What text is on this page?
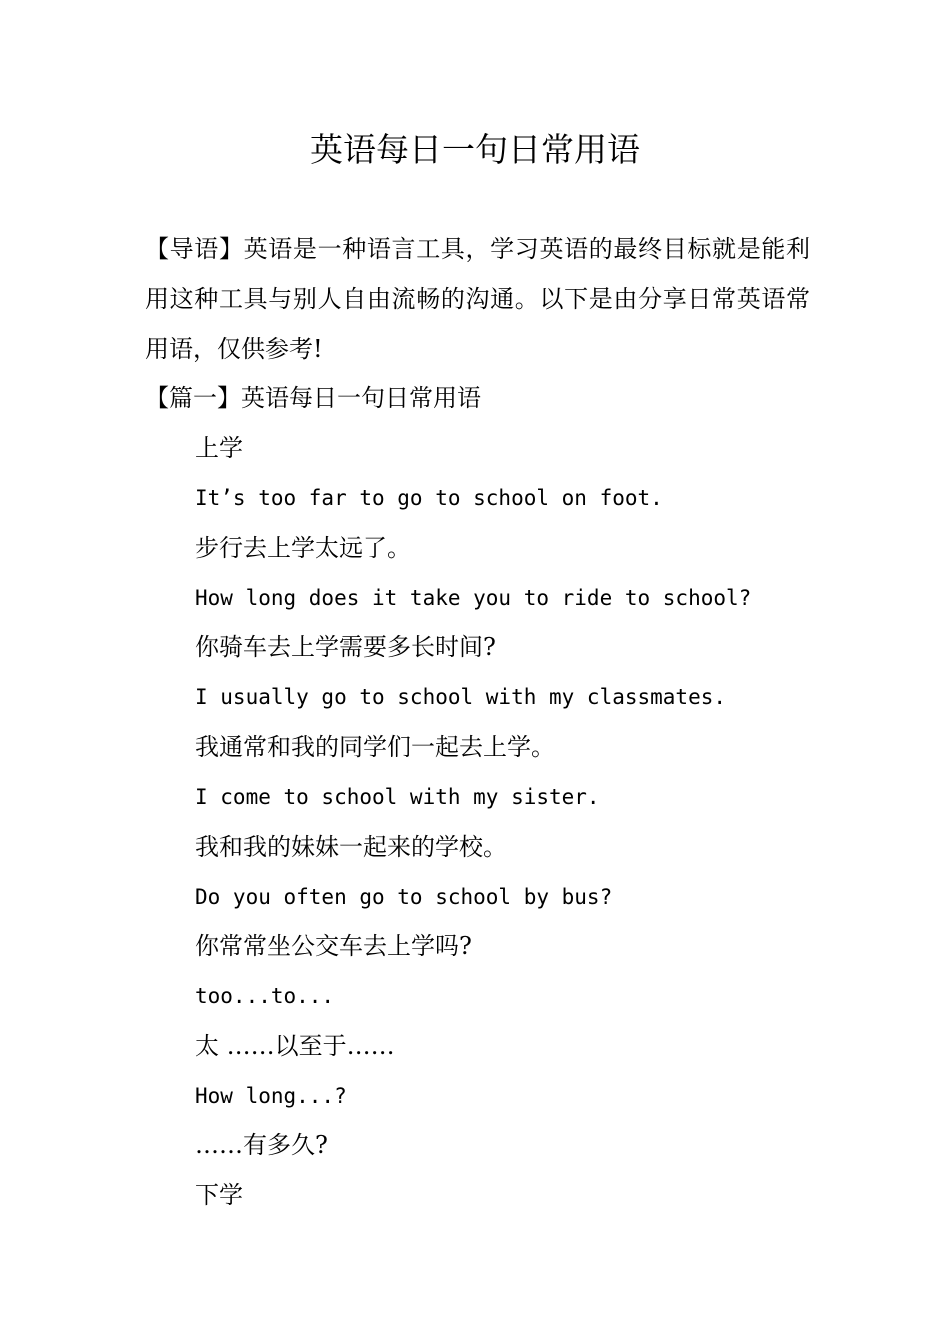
英语每日一句日常用语

【导语】英语是一种语言工具，学习英语的最终目标就是能利用这种工具与别人自由流畅的沟通。以下是由分享日常英语常用语，仅供参考!

【篇一】英语每日一句日常用语
上学
It’s too far to go to school on foot.
步行去上学太远了。
How long does it take you to ride to school?
你骑车去上学需要多长时间?
I usually go to school with my classmates.
我通常和我的同学们一起去上学。
I come to school with my sister.
我和我的妹妹一起来的学校。
Do you often go to school by bus?
你常常坐公交车去上学吗?
too...to...
太 ……以至于……
How long...?
……有多久?
下学
